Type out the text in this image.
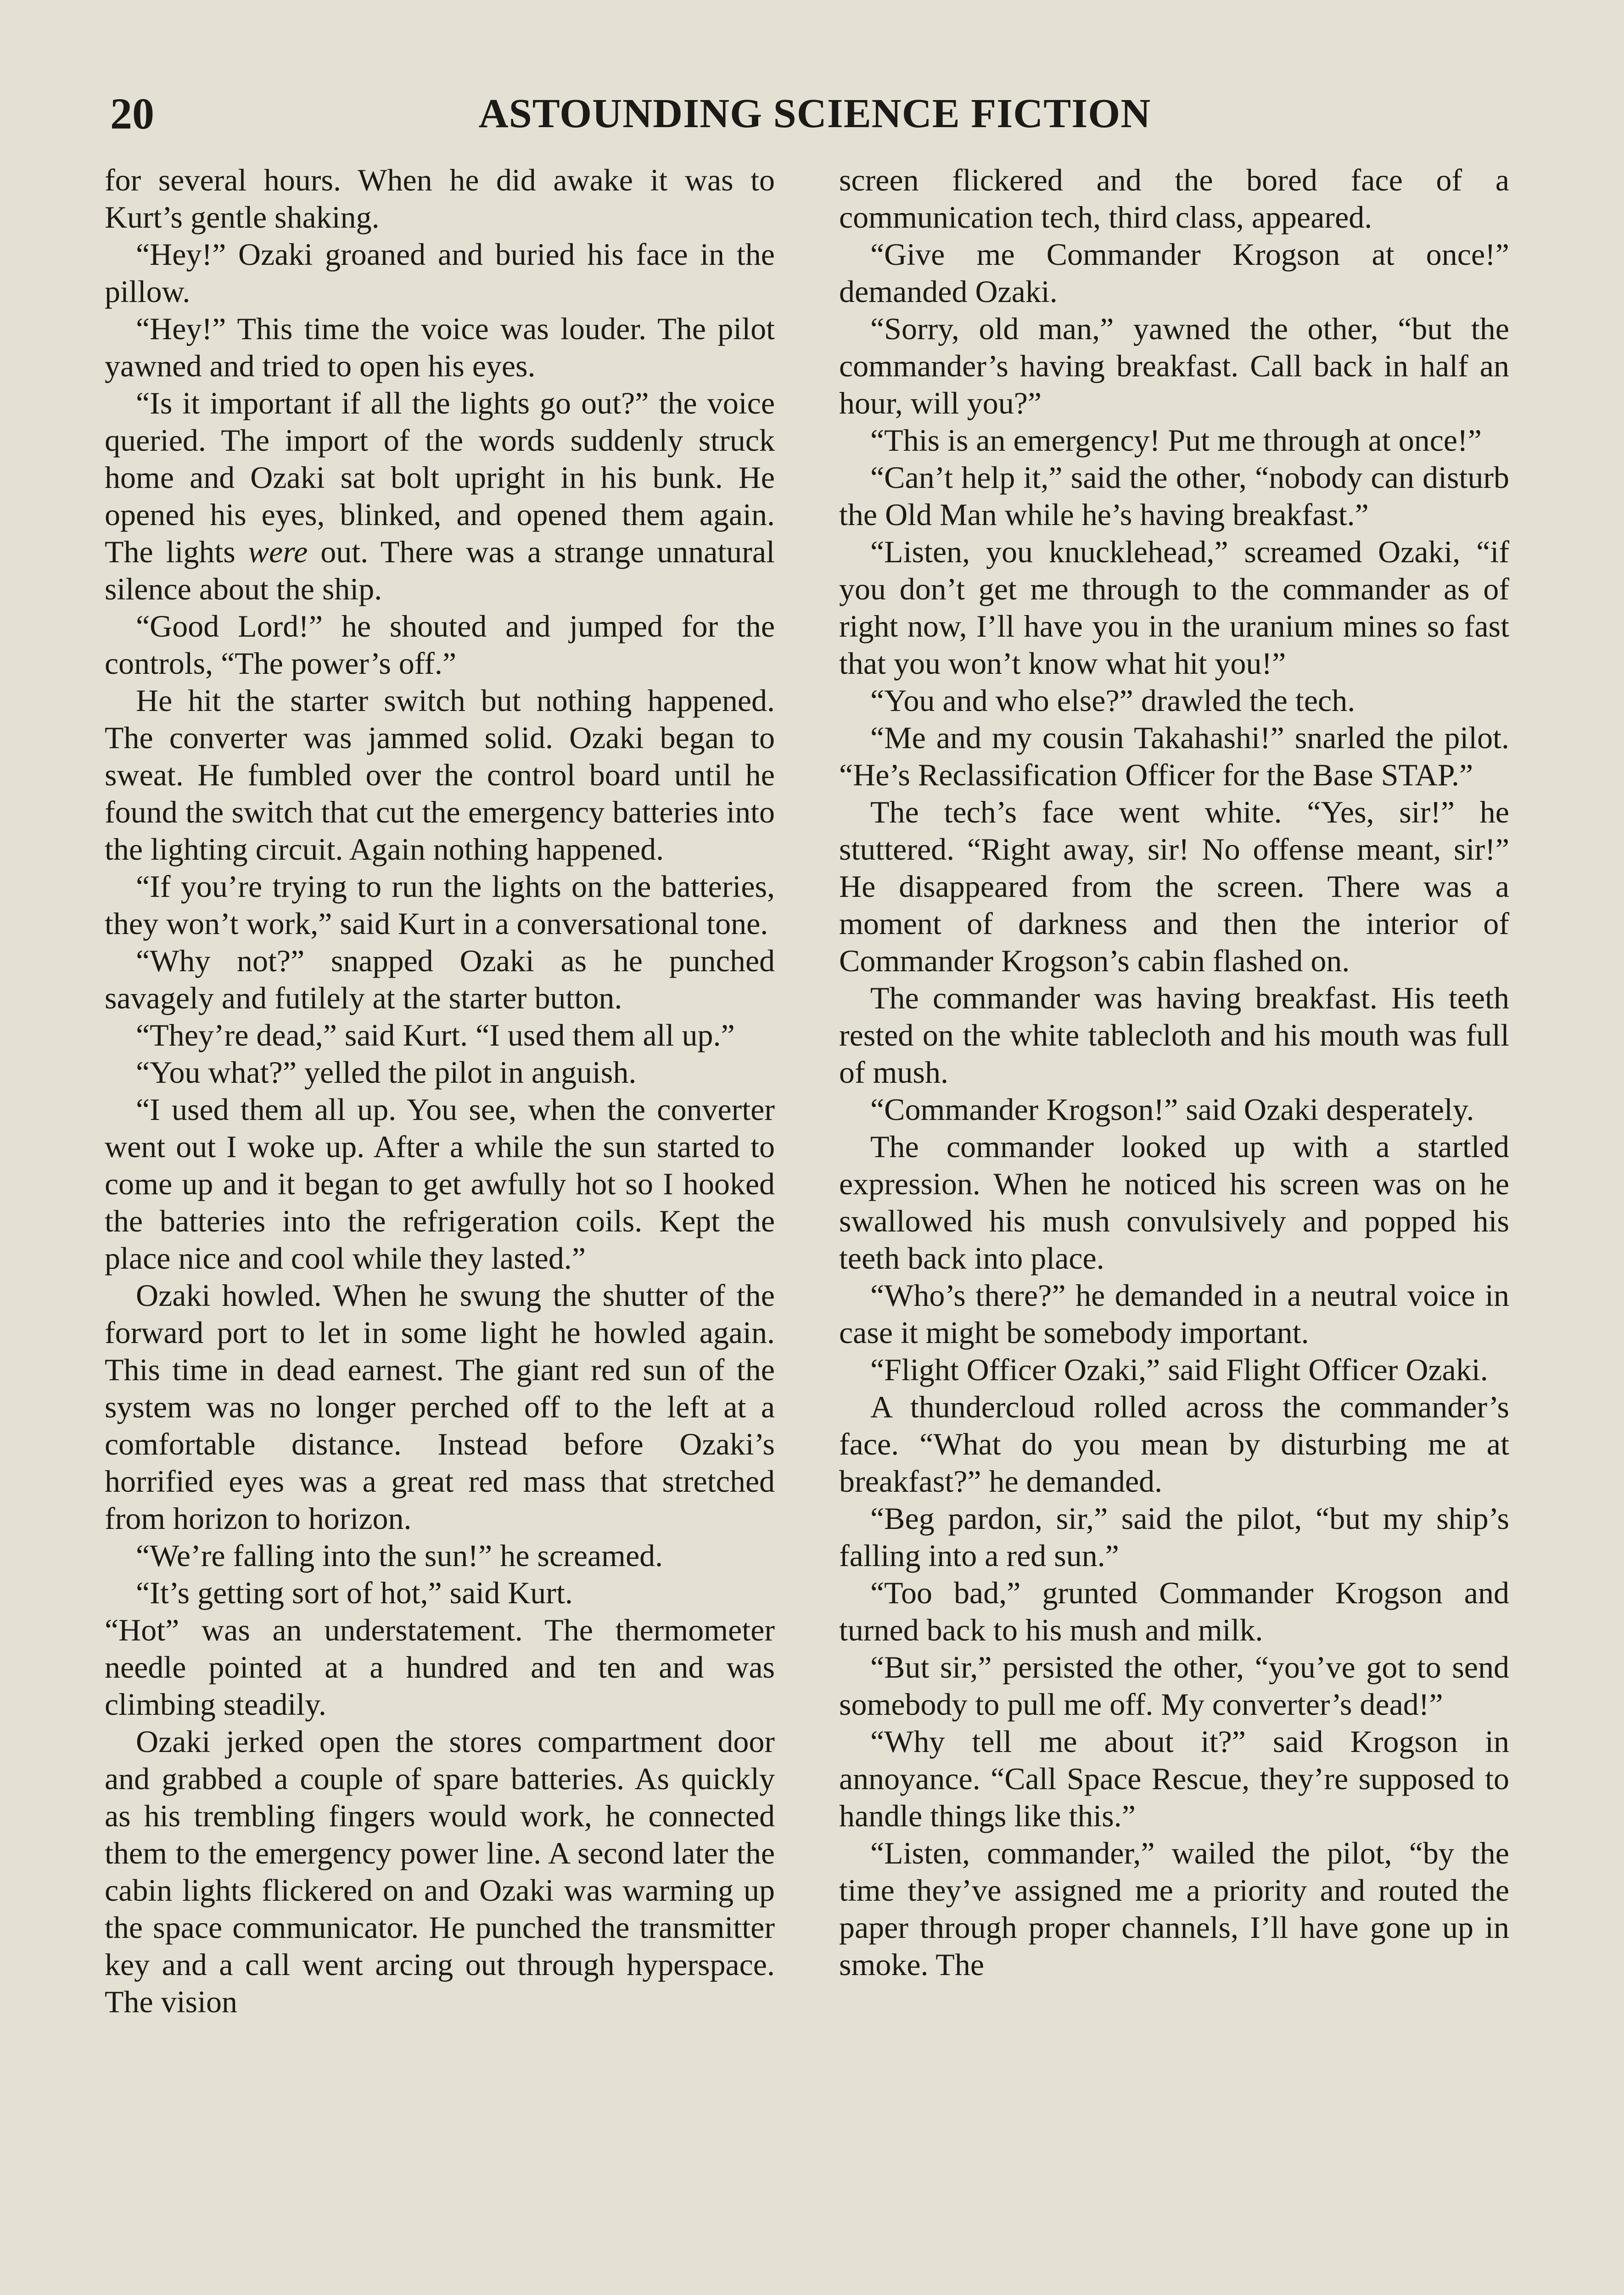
20	ASTOUNDING SCIENCE FICTION

for several hours. When he did awake it was to Kurt’s gentle shaking.

“Hey!” Ozaki groaned and buried his face in the pillow.

“Hey!” This time the voice was louder. The pilot yawned and tried to open his eyes.

“Is it important if all the lights go out?” the voice queried. The import of the words suddenly struck home and Ozaki sat bolt upright in his bunk. He opened his eyes, blinked, and opened them again. The lights were out. There was a strange unnatural silence about the ship.

“Good Lord!” he shouted and jumped for the controls, “The power’s off.”

He hit the starter switch but nothing happened. The converter was jammed solid. Ozaki began to sweat. He fumbled over the control board until he found the switch that cut the emergency batteries into the lighting circuit. Again nothing happened.

“If you’re trying to run the lights on the batteries, they won’t work,” said Kurt in a conversational tone.

“Why not?” snapped Ozaki as he punched savagely and futilely at the starter button.

“They’re dead,” said Kurt. “I used them all up.”

“You what?” yelled the pilot in anguish.

“I used them all up. You see, when the converter went out I woke up. After a while the sun started to come up and it began to get awfully hot so I hooked the batteries into the refrigeration coils. Kept the place nice and cool while they lasted.”

Ozaki howled. When he swung the shutter of the forward port to let in some light he howled again. This time in dead earnest. The giant red sun of the system was no longer perched off to the left at a comfortable distance. Instead before Ozaki’s horrified eyes was a great red mass that stretched from horizon to horizon.

“We’re falling into the sun!” he screamed.

“It’s getting sort of hot,” said Kurt.

“Hot” was an understatement. The thermometer needle pointed at a hundred and ten and was climbing steadily.

Ozaki jerked open the stores compartment door and grabbed a couple of spare batteries. As quickly as his trembling fingers would work, he connected them to the emergency power line. A second later the cabin lights flickered on and Ozaki was warming up the space communicator. He punched the transmitter key and a call went arcing out through hyperspace. The vision

screen flickered and the bored face of a communication tech, third class, appeared.

“Give me Commander Krogson at once!” demanded Ozaki.

“Sorry, old man,” yawned the other, “but the commander’s having breakfast. Call back in half an hour, will you?”

“This is an emergency! Put me through at once!”

“Can’t help it,” said the other, “nobody can disturb the Old Man while he’s having breakfast.”

“Listen, you knucklehead,” screamed Ozaki, “if you don’t get me through to the commander as of right now, I’ll have you in the uranium mines so fast that you won’t know what hit you!”

“You and who else?” drawled the tech.

“Me and my cousin Takahashi!” snarled the pilot. “He’s Reclassification Officer for the Base STAP.”

The tech’s face went white. “Yes, sir!” he stuttered. “Right away, sir! No offense meant, sir!” He disappeared from the screen. There was a moment of darkness and then the interior of Commander Krogson’s cabin flashed on.

The commander was having breakfast. His teeth rested on the white tablecloth and his mouth was full of mush.

“Commander Krogson!” said Ozaki desperately.

The commander looked up with a startled expression. When he noticed his screen was on he swallowed his mush convulsively and popped his teeth back into place.

“Who’s there?” he demanded in a neutral voice in case it might be somebody important.

“Flight Officer Ozaki,” said Flight Officer Ozaki.

A thundercloud rolled across the commander’s face. “What do you mean by disturbing me at breakfast?” he demanded.

“Beg pardon, sir,” said the pilot, “but my ship’s falling into a red sun.”

“Too bad,” grunted Commander Krogson and turned back to his mush and milk.

“But sir,” persisted the other, “you’ve got to send somebody to pull me off. My converter’s dead!”

“Why tell me about it?” said Krogson in annoyance. “Call Space Rescue, they’re supposed to handle things like this.”

“Listen, commander,” wailed the pilot, “by the time they’ve assigned me a priority and routed the paper through proper channels, I’ll have gone up in smoke. The
